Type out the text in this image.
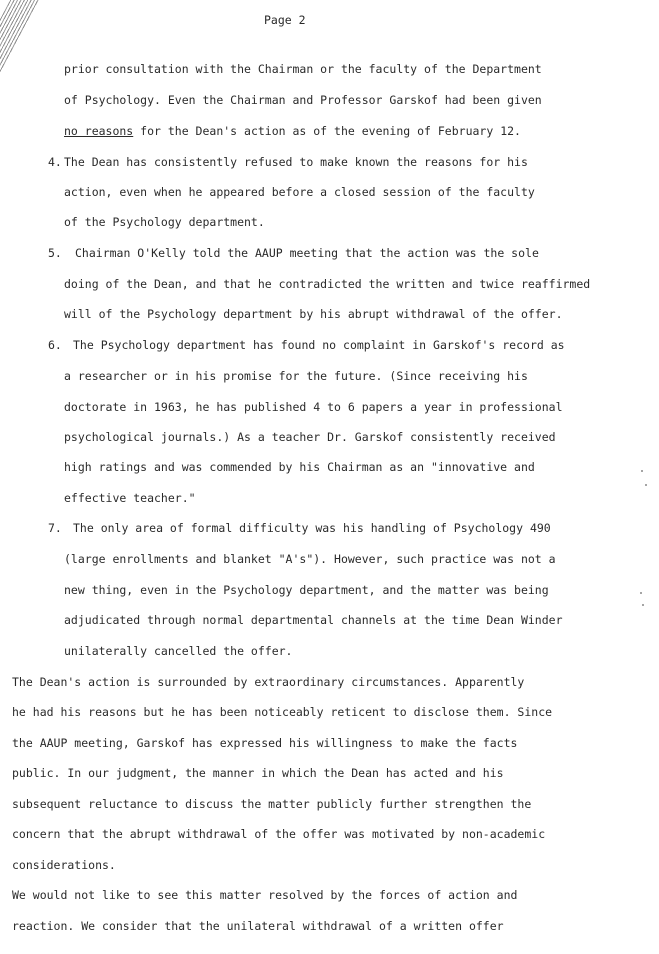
Page 2
prior consultation with the Chairman or the faculty of the Department
of Psychology. Even the Chairman and Professor Garskof had been given
no reasons for the Dean's action as of the evening of February 12.
4. The Dean has consistently refused to make known the reasons for his
action, even when he appeared before a closed session of the faculty
of the Psychology department.
5. Chairman O'Kelly told the AAUP meeting that the action was the sole
doing of the Dean, and that he contradicted the written and twice reaffirmed
will of the Psychology department by his abrupt withdrawal of the offer.
6. The Psychology department has found no complaint in Garskof's record as
a researcher or in his promise for the future. (Since receiving his
doctorate in 1963, he has published 4 to 6 papers a year in professional
psychological journals.) As a teacher Dr. Garskof consistently received
high ratings and was commended by his Chairman as an "innovative and
effective teacher."
7. The only area of formal difficulty was his handling of Psychology 490
(large enrollments and blanket "A's"). However, such practice was not a
new thing, even in the Psychology department, and the matter was being
adjudicated through normal departmental channels at the time Dean Winder
unilaterally cancelled the offer.
The Dean's action is surrounded by extraordinary circumstances. Apparently
he had his reasons but he has been noticeably reticent to disclose them. Since
the AAUP meeting, Garskof has expressed his willingness to make the facts
public. In our judgment, the manner in which the Dean has acted and his
subsequent reluctance to discuss the matter publicly further strengthen the
concern that the abrupt withdrawal of the offer was motivated by non-academic
considerations.
We would not like to see this matter resolved by the forces of action and
reaction. We consider that the unilateral withdrawal of a written offer
